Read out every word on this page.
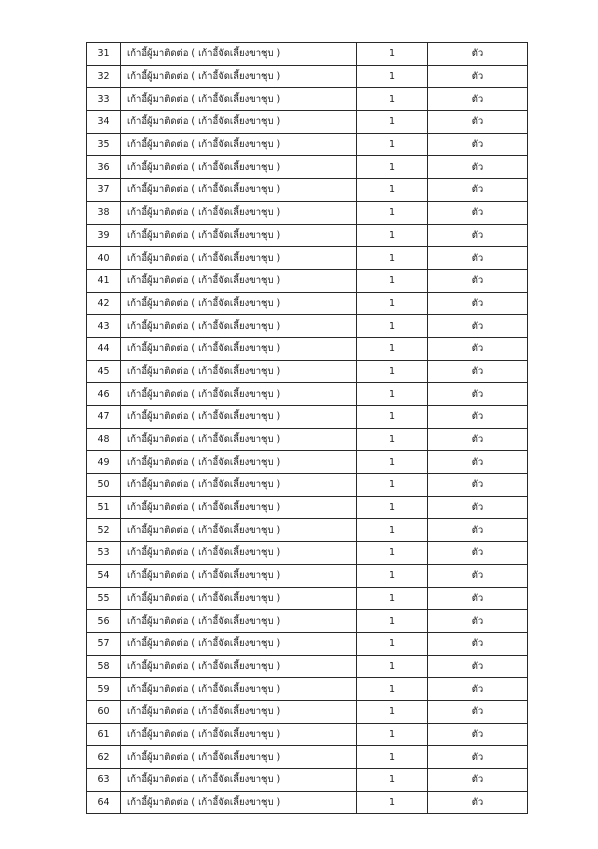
31	เก้าอี้ผู้มาติดต่อ ( เก้าอี้จัดเลี้ยงขาชุบ )	1	ตัว
32	เก้าอี้ผู้มาติดต่อ ( เก้าอี้จัดเลี้ยงขาชุบ )	1	ตัว
33	เก้าอี้ผู้มาติดต่อ ( เก้าอี้จัดเลี้ยงขาชุบ )	1	ตัว
34	เก้าอี้ผู้มาติดต่อ ( เก้าอี้จัดเลี้ยงขาชุบ )	1	ตัว
35	เก้าอี้ผู้มาติดต่อ ( เก้าอี้จัดเลี้ยงขาชุบ )	1	ตัว
36	เก้าอี้ผู้มาติดต่อ ( เก้าอี้จัดเลี้ยงขาชุบ )	1	ตัว
37	เก้าอี้ผู้มาติดต่อ ( เก้าอี้จัดเลี้ยงขาชุบ )	1	ตัว
38	เก้าอี้ผู้มาติดต่อ ( เก้าอี้จัดเลี้ยงขาชุบ )	1	ตัว
39	เก้าอี้ผู้มาติดต่อ ( เก้าอี้จัดเลี้ยงขาชุบ )	1	ตัว
40	เก้าอี้ผู้มาติดต่อ ( เก้าอี้จัดเลี้ยงขาชุบ )	1	ตัว
41	เก้าอี้ผู้มาติดต่อ ( เก้าอี้จัดเลี้ยงขาชุบ )	1	ตัว
42	เก้าอี้ผู้มาติดต่อ ( เก้าอี้จัดเลี้ยงขาชุบ )	1	ตัว
43	เก้าอี้ผู้มาติดต่อ ( เก้าอี้จัดเลี้ยงขาชุบ )	1	ตัว
44	เก้าอี้ผู้มาติดต่อ ( เก้าอี้จัดเลี้ยงขาชุบ )	1	ตัว
45	เก้าอี้ผู้มาติดต่อ ( เก้าอี้จัดเลี้ยงขาชุบ )	1	ตัว
46	เก้าอี้ผู้มาติดต่อ ( เก้าอี้จัดเลี้ยงขาชุบ )	1	ตัว
47	เก้าอี้ผู้มาติดต่อ ( เก้าอี้จัดเลี้ยงขาชุบ )	1	ตัว
48	เก้าอี้ผู้มาติดต่อ ( เก้าอี้จัดเลี้ยงขาชุบ )	1	ตัว
49	เก้าอี้ผู้มาติดต่อ ( เก้าอี้จัดเลี้ยงขาชุบ )	1	ตัว
50	เก้าอี้ผู้มาติดต่อ ( เก้าอี้จัดเลี้ยงขาชุบ )	1	ตัว
51	เก้าอี้ผู้มาติดต่อ ( เก้าอี้จัดเลี้ยงขาชุบ )	1	ตัว
52	เก้าอี้ผู้มาติดต่อ ( เก้าอี้จัดเลี้ยงขาชุบ )	1	ตัว
53	เก้าอี้ผู้มาติดต่อ ( เก้าอี้จัดเลี้ยงขาชุบ )	1	ตัว
54	เก้าอี้ผู้มาติดต่อ ( เก้าอี้จัดเลี้ยงขาชุบ )	1	ตัว
55	เก้าอี้ผู้มาติดต่อ ( เก้าอี้จัดเลี้ยงขาชุบ )	1	ตัว
56	เก้าอี้ผู้มาติดต่อ ( เก้าอี้จัดเลี้ยงขาชุบ )	1	ตัว
57	เก้าอี้ผู้มาติดต่อ ( เก้าอี้จัดเลี้ยงขาชุบ )	1	ตัว
58	เก้าอี้ผู้มาติดต่อ ( เก้าอี้จัดเลี้ยงขาชุบ )	1	ตัว
59	เก้าอี้ผู้มาติดต่อ ( เก้าอี้จัดเลี้ยงขาชุบ )	1	ตัว
60	เก้าอี้ผู้มาติดต่อ ( เก้าอี้จัดเลี้ยงขาชุบ )	1	ตัว
61	เก้าอี้ผู้มาติดต่อ ( เก้าอี้จัดเลี้ยงขาชุบ )	1	ตัว
62	เก้าอี้ผู้มาติดต่อ ( เก้าอี้จัดเลี้ยงขาชุบ )	1	ตัว
63	เก้าอี้ผู้มาติดต่อ ( เก้าอี้จัดเลี้ยงขาชุบ )	1	ตัว
64	เก้าอี้ผู้มาติดต่อ ( เก้าอี้จัดเลี้ยงขาชุบ )	1	ตัว
